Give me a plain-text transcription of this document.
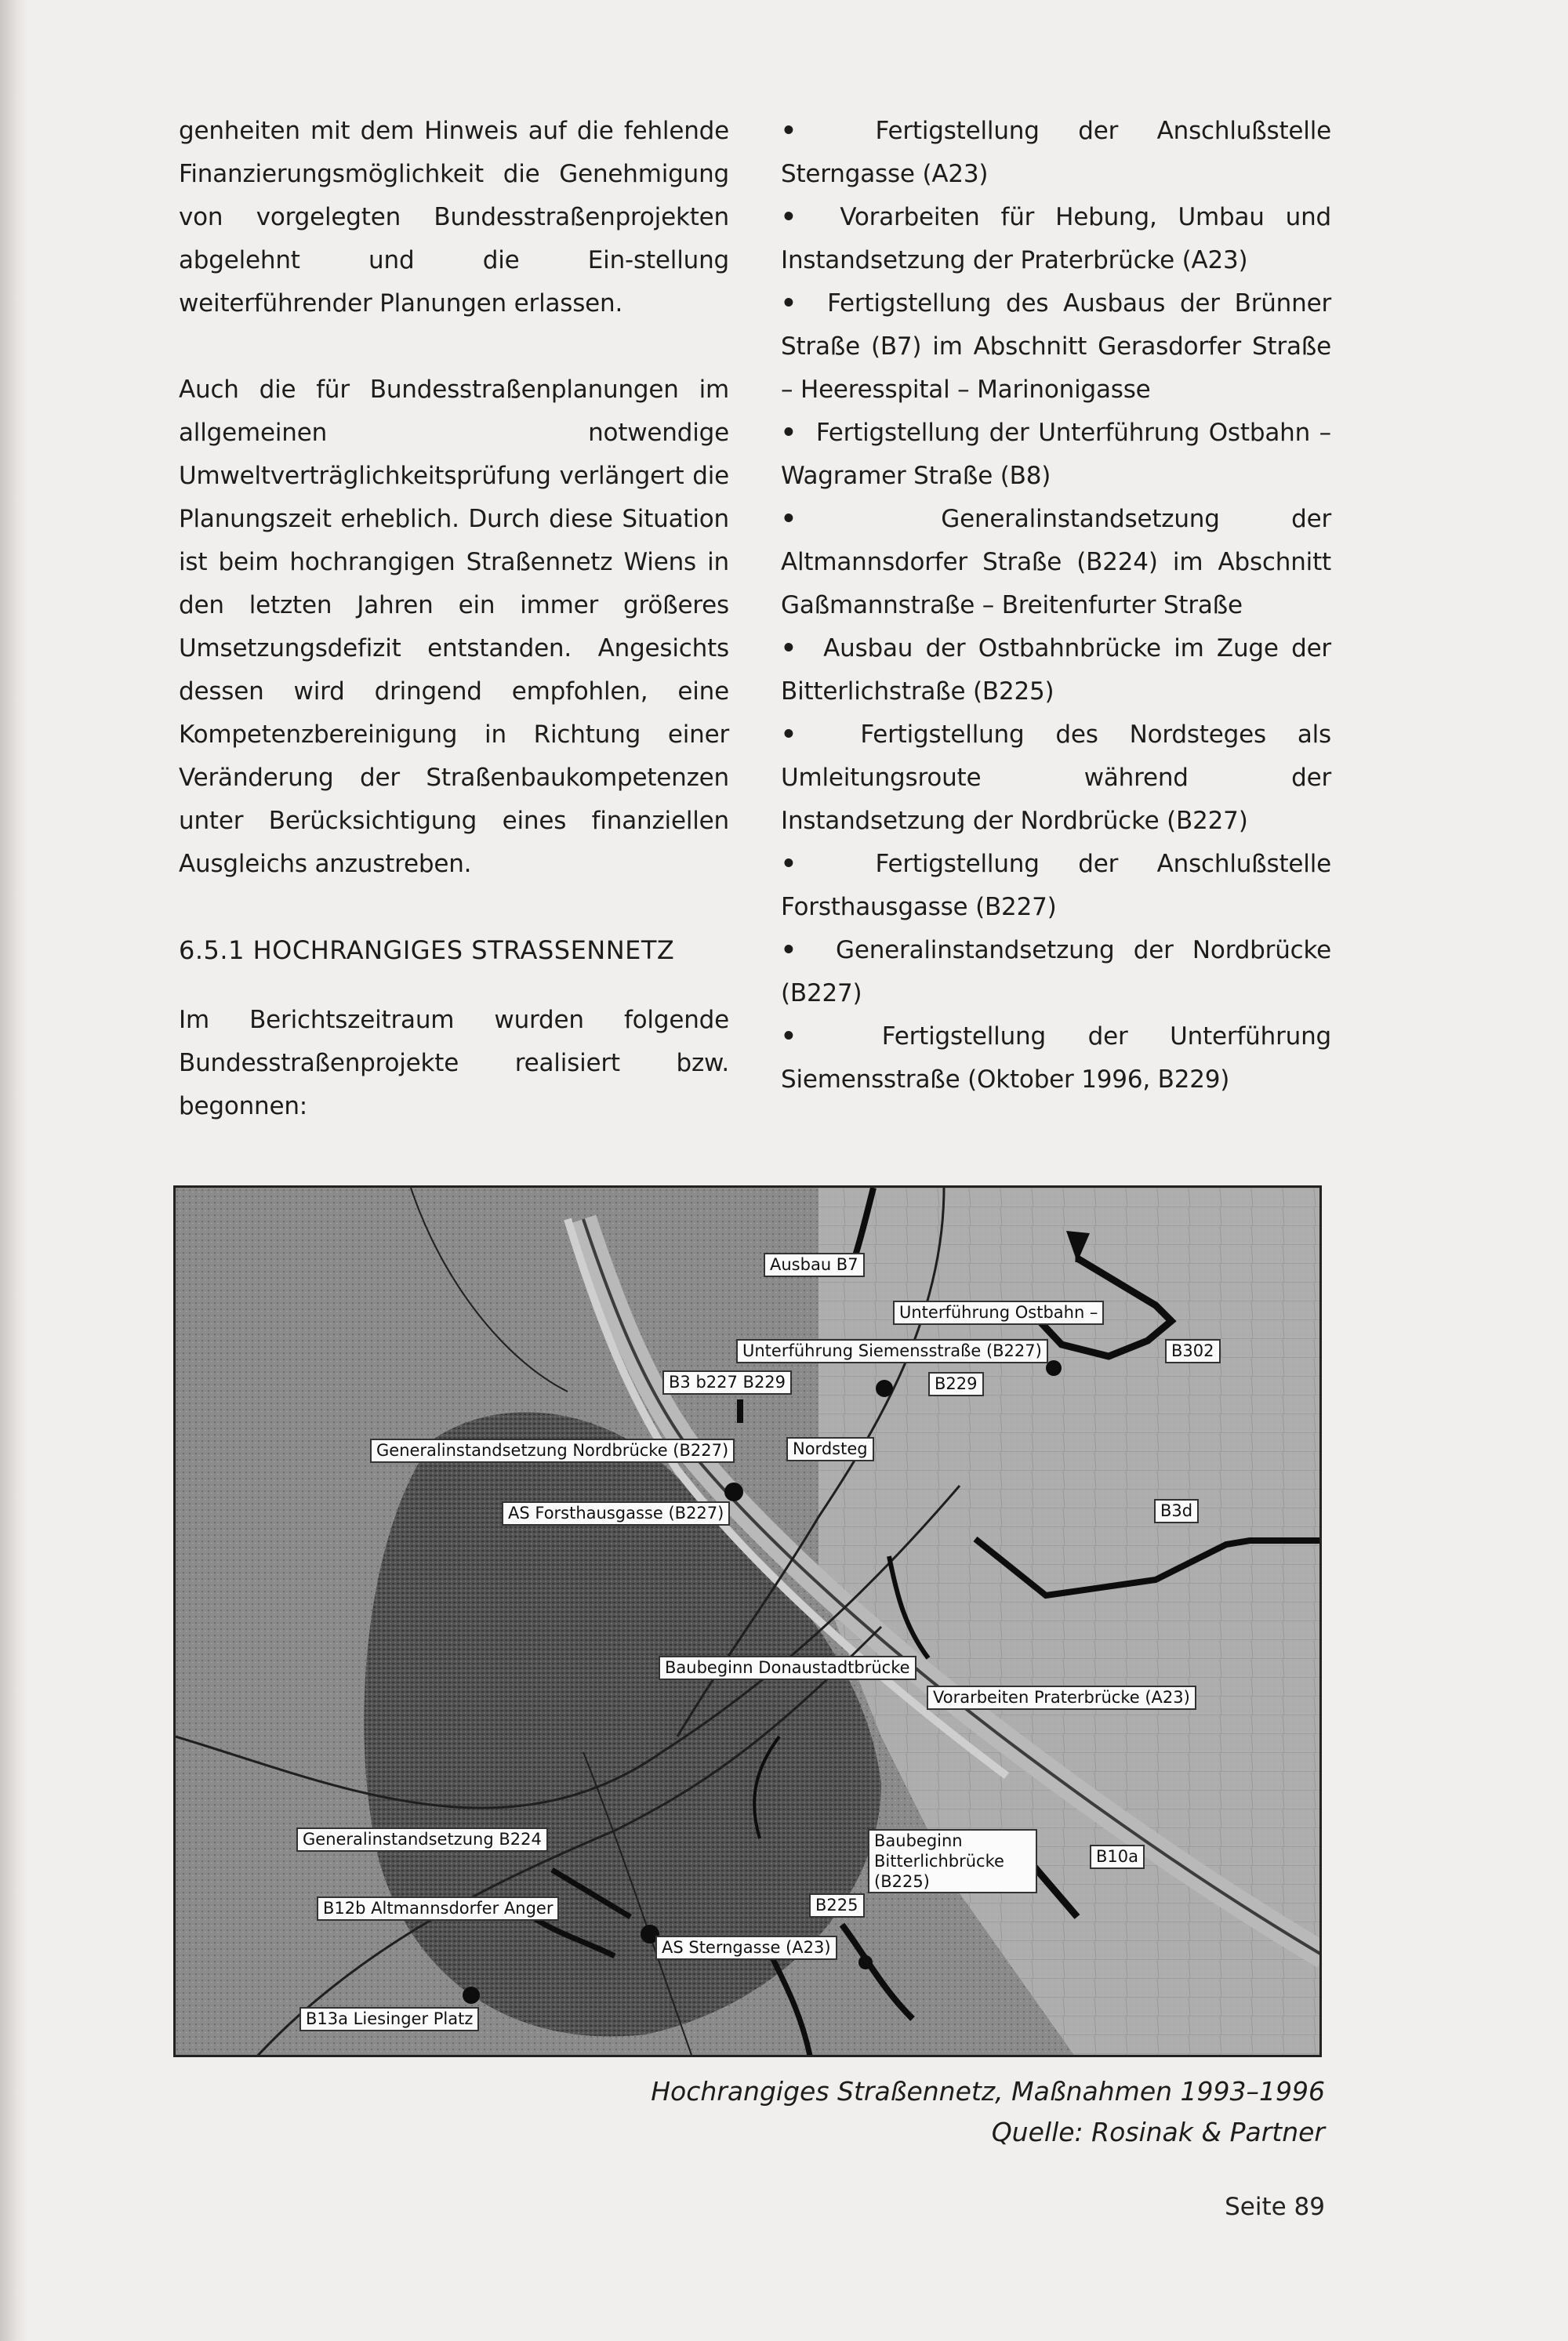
genheiten mit dem Hinweis auf die fehlende Finanzierungsmöglichkeit die Genehmigung von vorgelegten Bundesstraßenprojekten abgelehnt und die Ein-stellung weiterführender Planungen erlassen.

Auch die für Bundesstraßenplanungen im allgemeinen notwendige Umweltverträglichkeitsprüfung verlängert die Planungszeit erheblich. Durch diese Situation ist beim hochrangigen Straßennetz Wiens in den letzten Jahren ein immer größeres Umsetzungsdefizit entstanden. Angesichts dessen wird dringend empfohlen, eine Kompetenzbereinigung in Richtung einer Veränderung der Straßenbaukompetenzen unter Berücksichtigung eines finanziellen Ausgleichs anzustreben.

6.5.1 HOCHRANGIGES STRASSENNETZ

Im Berichtszeitraum wurden folgende Bundesstraßenprojekte realisiert bzw. begonnen:

•  Fertigstellung der Anschlußstelle Sterngasse (A23)

•  Vorarbeiten für Hebung, Umbau und Instandsetzung der Praterbrücke (A23)

•  Fertigstellung des Ausbaus der Brünner Straße (B7) im Abschnitt Gerasdorfer Straße – Heeresspital – Marinonigasse

•  Fertigstellung der Unterführung Ostbahn – Wagramer Straße (B8)

•  Generalinstandsetzung der Altmannsdorfer Straße (B224) im Abschnitt Gaßmannstraße – Breitenfurter Straße

•  Ausbau der Ostbahnbrücke im Zuge der Bitterlichstraße (B225)

•  Fertigstellung des Nordsteges als Umleitungsroute während der Instandsetzung der Nordbrücke (B227)

•  Fertigstellung der Anschlußstelle Forsthausgasse (B227)

•  Generalinstandsetzung der Nordbrücke (B227)

•  Fertigstellung der Unterführung Siemensstraße (Oktober 1996, B229)

Ausbau B7
Unterführung Ostbahn –
Unterführung Siemensstraße (B227)	B302
B3 b227 B229	B229
Generalinstandsetzung Nordbrücke (B227)	Nordsteg
AS Forsthausgasse (B227)	B3d
Baubeginn Donaustadtbrücke
Vorarbeiten Praterbrücke (A23)
Generalinstandsetzung B224	Baubeginn Bitterlichbrücke (B225)
B10a
B12b Altmannsdorfer Anger	B225
AS Sterngasse (A23)
B13a Liesinger Platz
Hochrangiges Straßennetz, Maßnahmen 1993–1996
Quelle: Rosinak & Partner
Seite 89
